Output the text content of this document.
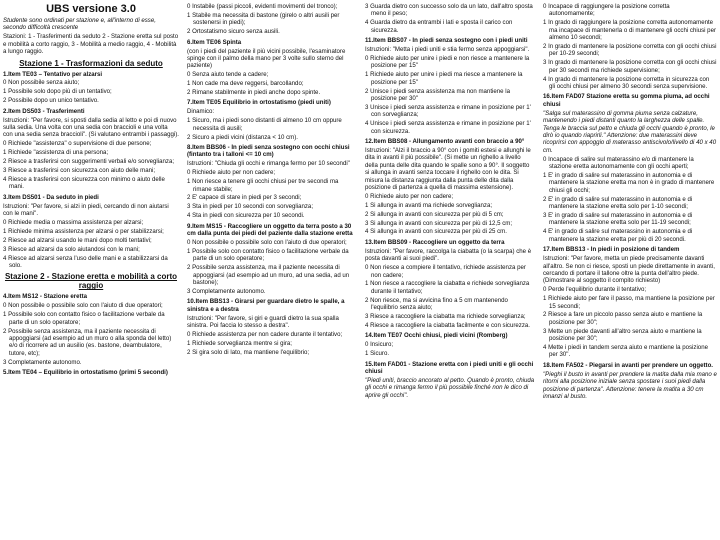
UBS versione 3.0
Studente sono ordinati per stazione e, all'interno di esse, secondo difficoltà crescente
Stazioni: 1 - Trasferimenti da seduto 2 - Stazione eretta sul posto e mobilità a corto raggio, 3 - Mobilità a medio raggio, 4 - Mobilità a lungo raggio.
Stazione 1 - Trasformazioni da seduto
1.Item TE03 – Tentativo per alzarsi
0 Non possibile senza aiuto;
1 Possibile solo dopo più di un tentativo;
2 Possibile dopo un unico tentativo.
2.Item DS503 - Trasferimenti
Istruzioni: "Per favore, si sposti dalla sedia al letto e poi di nuovo sulla sedia. Una volta con una sedia con braccioli e una volta con una sedia senza braccioli". (Si valutano entrambi i passaggi).
0 Richiede "assistenza" o supervisione di due persone;
1 Richiede "assistenza di una persona;
2 Riesce a trasferirsi con suggerimenti verbali e/o sorveglianza;
3 Riesce a trasferirsi con sicurezza con aiuto delle mani;
4 Riesce a trasferirsi con sicurezza con minimo o aiuto delle mani.
3.Item DS501 - Da seduto in piedi
Istruzioni: "Per favore, si alzi in piedi, cercando di non aiutarsi con le mani".
0 Richiede media o massima assistenza per alzarsi;
1 Richiede minima assistenza per alzarsi o per stabilizzarsi;
2 Riesce ad alzarsi usando le mani dopo molti tentativi;
3 Riesce ad alzarsi da solo aiutandosi con le mani;
4 Riesce ad alzarsi senza l'uso delle mani e a stabilizzarsi da solo.
Stazione 2 - Stazione eretta e mobilità a corto raggio
4.Item MS12 - Stazione eretta
0 Non possibile o possibile solo con l'aiuto di due operatori;
1 Possibile solo con contatto fisico o facilitazione verbale da parte di un solo operatore;
2 Possibile senza assistenza, ma il paziente necessita di appoggiarsi (ad esempio ad un muro o alla sponda del letto) e/o di ricorrere ad un ausilio (es. bastone, deambulatore, tutore, etc);
3 Completamente autonomo.
5.Item TE04 – Equilibrio in ortostatismo (primi 5 secondi)
0 Instabile (passi piccoli, evidenti movimenti del tronco);
1 Stabile ma necessita di bastone (girelo o altri ausili per sostenersi in piedi);
2 Ortostatismo sicuro senza ausili.
6.Item TE06 Spinta
(con i piedi del paziente il più vicini possibile, l'esaminatore spinge con il palmo della mano per 3 volte sullo sterno del paziente)
0 Senza aiuto tende a cadere;
1 Non cade ma deve reggersi, barcollando;
2 Rimane stabilmente in piedi anche dopo spinte.
7.Item TE05 Equilibrio in ortostatismo (piedi uniti)
Dinamico:
1 Sicuro, ma i piedi sono distanti di almeno 10 cm oppure necessita di ausili;
2 Sicuro a piedi vicini (distanza < 10 cm).
8.Item BBS06 - In piedi senza sostegno con occhi chiusi (fintanto tra i talloni <= 10 cm)
Istruzioni: "Chiuda gli occhi e rimanga fermo per 10 secondi"
0 Richiede aiuto per non cadere;
1 Non riesce a tenere gli occhi chiusi per tre secondi ma rimane stabile;
2 E' capace di stare in piedi per 3 secondi;
3 Sta in piedi per 10 secondi con sorveglianza;
4 Sta in piedi con sicurezza per 10 secondi.
9.Item MS15 - Raccogliere un oggetto da terra posto a 30 cm dalla punta dei piedi del paziente dalla stazione eretta
0 Non possibile o possibile solo con l'aiuto di due operatori;
1 Possibile solo con contatto fisico o facilitazione verbale da parte di un solo operatore;
2 Possibile senza assistenza, ma il paziente necessita di appoggiarsi (ad esempio ad un muro, ad una sedia, ad un bastone);
3 Completamente autonomo.
10.Item BBS13 - Girarsi per guardare dietro le spalle, a sinistra e a destra
Istruzioni: "Per favore, si giri e guardi dietro la sua spalla sinistra. Poi faccia lo stesso a destra".
0 Richiede assistenza per non cadere durante il tentativo;
1 Richiede sorveglianza mentre si gira;
2 Si gira solo di lato, ma mantiene l'equilibrio;
3 Guarda dietro con successo solo da un lato, dall'altro sposta meno il peso;
4 Guarda dietro da entrambi i lati e sposta il carico con sicurezza.
11.Item BBS07 - In piedi senza sostegno con i piedi uniti
Istruzioni: "Metta i piedi uniti e stia fermo senza appoggiarsi".
0 Richiede aiuto per unire i piedi e non riesce a mantenere la posizione per 15"
1 Richiede aiuto per unire i piedi ma riesce a mantenere la posizione per 15"
2 Unisce i piedi senza assistenza ma non mantiene la posizione per 30"
3 Unisce i piedi senza assistenza e rimane in posizione per 1' con sorveglianza;
4 Unisce i piedi senza assistenza e rimane in posizione per 1' con sicurezza.
12.Item BBS08 - Allungamento avanti con braccio a 90°
Istruzioni: "Alzi il braccio a 90° con i gomiti estesi e allunghi le dita in avanti il più possibile". (Si mette un righello a livello della punta delle dita quando le spalle sono a 90°. Il soggetto si allunga in avanti senza toccare il righello con le dita. Si misura la distanza raggiunta dalla punta delle dita dalla posizione di partenza a quella di massima estensione).
0 Richiede aiuto per non cadere;
1 Si allunga in avanti ma richiede sorveglianza;
2 Si allunga in avanti con sicurezza per più di 5 cm;
3 Si allunga in avanti con sicurezza per più di 12,5 cm;
4 Si allunga in avanti con sicurezza per più di 25 cm.
13.Item BBS09 - Raccogliere un oggetto da terra
Istruzioni: "Per favore, raccolga la ciabatta (o la scarpa) che è posta davanti ai suoi piedi".
0 Non riesce a compiere il tentativo, richiede assistenza per non cadere;
1 Non riesce a raccogliere la ciabatta e richiede sorveglianza durante il tentativo;
2 Non riesce, ma si avvicina fino a 5 cm mantenendo l'equilibrio senza aiuto;
3 Riesce a raccogliere la ciabatta ma richiede sorveglianza;
4 Riesce a raccogliere la ciabatta facilmente e con sicurezza.
14.Item TE07 Occhi chiusi, piedi vicini (Romberg)
0 Insicuro;
1 Sicuro.
15.Item FAD01 - Stazione eretta con i piedi uniti e gli occhi chiusi
"Piedi uniti, braccio ancorato al petto. Quando è pronto, chiuda gli occhi e rimanga fermo il più possibile finché non le dico di aprire gli occhi".
0 Incapace di raggiungere la posizione corretta autonomamente;
1 In grado di raggiungere la posizione corretta autonomamente ma incapace di mantenerla o di mantenere gli occhi chiusi per almeno 10 secondi;
2 In grado di mantenere la posizione corretta con gli occhi chiusi per 10-29 secondi;
3 In grado di mantenere la posizione corretta con gli occhi chiusi per 30 secondi ma richiede supervisione;
4 In grado di mantenere la posizione corretta in sicurezza con gli occhi chiusi per almeno 30 secondi senza supervisione.
16.Item FAD07 Stazione eretta su gomma piuma, ad occhi chiusi
"Salga sul materassino di gomma piuma senza calzature, mantenendo i piedi distanti quanto la larghezza delle spalle. Tenga le braccia sul petto e chiuda gli occhi quando è pronto, le dirò io quando riaprirli." Attenzione: due materassini deve ricoprirsi con appoggio di materasso antiscivolo/livello di 40 x 40 cm.
0 Incapace di salire sul materassino e/o di mantenere la stazione eretta autonomamente con gli occhi aperti;
1 E' in grado di salire sul materassino in autonomia e di mantenere la stazione eretta ma non è in grado di mantenere chiusi gli occhi;
2 E' in grado di salire sul materassino in autonomia e di mantenere la stazione eretta solo per 1-10 secondi;
3 E' in grado di salire sul materassino in autonomia e di mantenere la stazione eretta solo per 11-19 secondi;
4 E' in grado di salire sul materassino in autonomia e di mantenere la stazione eretta per più di 20 secondi.
17.Item BBS13 - In piedi in posizione di tandem
Istruzioni: "Per favore, metta un piede precisamente davanti all'altro. Se non ci riesce, sposti un piede direttamente in avanti, cercando di portare il tallone oltre la punta dell'altro piede. (Dimostrare al soggetto il compito richiesto)
0 Perde l'equilibrio durante il tentativo;
1 Richiede aiuto per fare il passo, ma mantiene la posizione per 15 secondi;
2 Riesce a fare un piccolo passo senza aiuto e mantiene la posizione per 30";
3 Mette un piede davanti all'altro senza aiuto e mantiene la posizione per 30";
4 Mette i piedi in tandem senza aiuto e mantiene la posizione per 30".
18.Item FA502 - Piegarsi in avanti per prendere un oggetto.
"Pieghi il busto in avanti per prendere la matita dalla mia mano e ritorni alla posizione iniziale senza spostare i suoi piedi dalla posizione di partenza". Attenzione: tenere la matita a 30 cm innanzi al busto.
